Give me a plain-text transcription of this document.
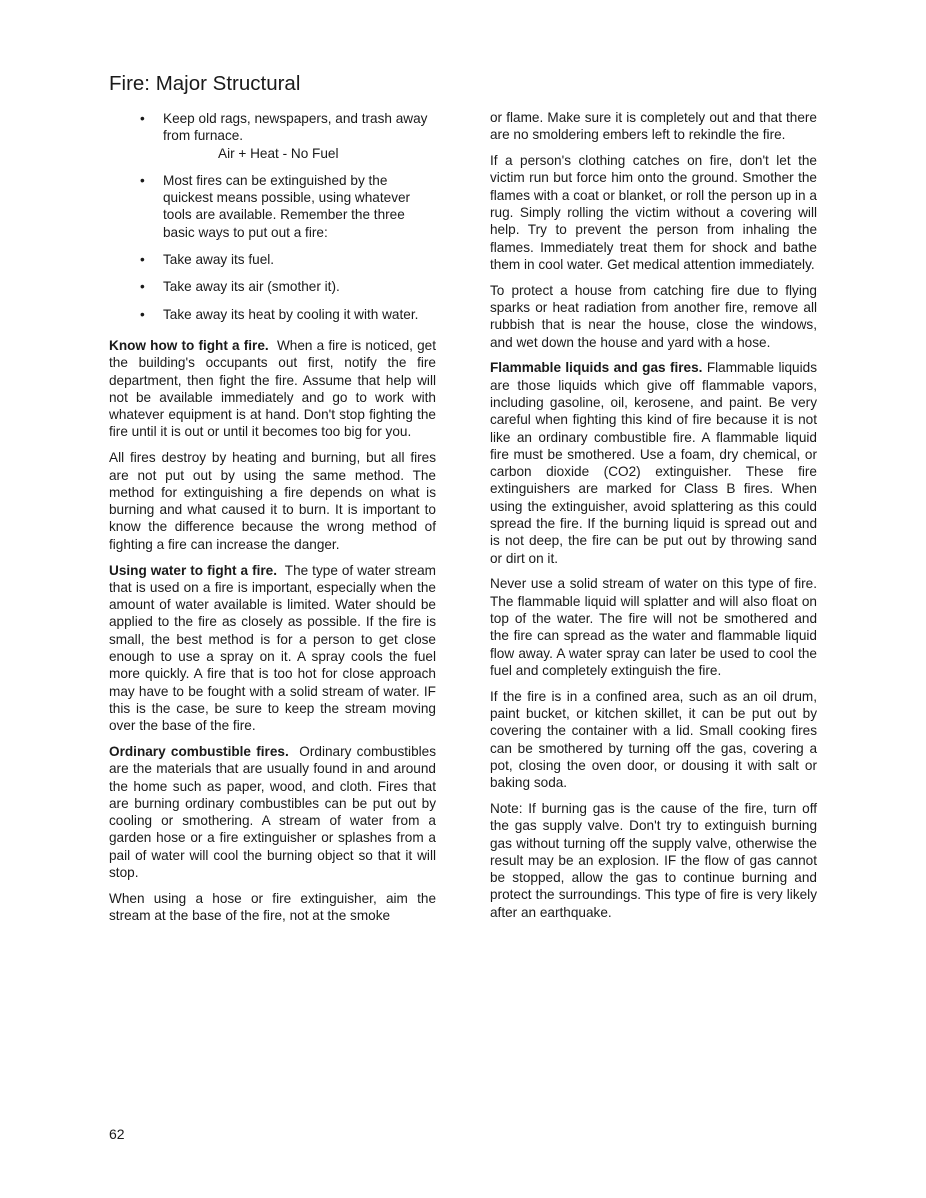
Fire: Major Structural
• Keep old rags, newspapers, and trash away from furnace.
Air + Heat - No Fuel
• Most fires can be extinguished by the quickest means possible, using whatever tools are available. Remember the three basic ways to put out a fire:
• Take away its fuel.
• Take away its air (smother it).
• Take away its heat by cooling it with water.

Know how to fight a fire. When a fire is noticed, get the building's occupants out first, notify the fire department, then fight the fire. Assume that help will not be available immediately and go to work with whatever equipment is at hand. Don't stop fighting the fire until it is out or until it becomes too big for you.

All fires destroy by heating and burning, but all fires are not put out by using the same method. The method for extinguishing a fire depends on what is burning and what caused it to burn. It is important to know the difference because the wrong method of fighting a fire can increase the danger.

Using water to fight a fire. The type of water stream that is used on a fire is important, especially when the amount of water available is limited. Water should be applied to the fire as closely as possible. If the fire is small, the best method is for a person to get close enough to use a spray on it. A spray cools the fuel more quickly. A fire that is too hot for close approach may have to be fought with a solid stream of water. IF this is the case, be sure to keep the stream moving over the base of the fire.

Ordinary combustible fires. Ordinary combustibles are the materials that are usually found in and around the home such as paper, wood, and cloth. Fires that are burning ordinary combustibles can be put out by cooling or smothering. A stream of water from a garden hose or a fire extinguisher or splashes from a pail of water will cool the burning object so that it will stop.

When using a hose or fire extinguisher, aim the stream at the base of the fire, not at the smoke

or flame. Make sure it is completely out and that there are no smoldering embers left to rekindle the fire.

If a person's clothing catches on fire, don't let the victim run but force him onto the ground. Smother the flames with a coat or blanket, or roll the person up in a rug. Simply rolling the victim without a covering will help. Try to prevent the person from inhaling the flames. Immediately treat them for shock and bathe them in cool water. Get medical attention immediately.

To protect a house from catching fire due to flying sparks or heat radiation from another fire, remove all rubbish that is near the house, close the windows, and wet down the house and yard with a hose.

Flammable liquids and gas fires. Flammable liquids are those liquids which give off flammable vapors, including gasoline, oil, kerosene, and paint. Be very careful when fighting this kind of fire because it is not like an ordinary combustible fire. A flammable liquid fire must be smothered. Use a foam, dry chemical, or carbon dioxide (CO2) extinguisher. These fire extinguishers are marked for Class B fires. When using the extinguisher, avoid splattering as this could spread the fire. If the burning liquid is spread out and is not deep, the fire can be put out by throwing sand or dirt on it.

Never use a solid stream of water on this type of fire. The flammable liquid will splatter and will also float on top of the water. The fire will not be smothered and the fire can spread as the water and flammable liquid flow away. A water spray can later be used to cool the fuel and completely extinguish the fire.

If the fire is in a confined area, such as an oil drum, paint bucket, or kitchen skillet, it can be put out by covering the container with a lid. Small cooking fires can be smothered by turning off the gas, covering a pot, closing the oven door, or dousing it with salt or baking soda.

Note: If burning gas is the cause of the fire, turn off the gas supply valve. Don't try to extinguish burning gas without turning off the supply valve, otherwise the result may be an explosion. IF the flow of gas cannot be stopped, allow the gas to continue burning and protect the surroundings. This type of fire is very likely after an earthquake.

62
